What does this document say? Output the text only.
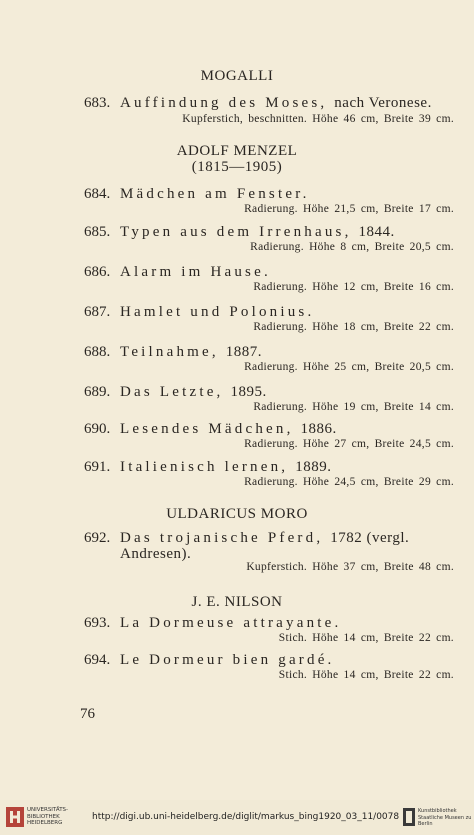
MOGALLI
683. Auffindung des Moses, nach Veronese.
Kupferstich, beschnitten. Höhe 46 cm, Breite 39 cm.
ADOLF MENZEL
(1815—1905)
684. Mädchen am Fenster.
Radierung. Höhe 21,5 cm, Breite 17 cm.
685. Typen aus dem Irrenhaus, 1844.
Radierung. Höhe 8 cm, Breite 20,5 cm.
686. Alarm im Hause.
Radierung. Höhe 12 cm, Breite 16 cm.
687. Hamlet und Polonius.
Radierung. Höhe 18 cm, Breite 22 cm.
688. Teilnahme, 1887.
Radierung. Höhe 25 cm, Breite 20,5 cm.
689. Das Letzte, 1895.
Radierung. Höhe 19 cm, Breite 14 cm.
690. Lesendes Mädchen, 1886.
Radierung. Höhe 27 cm, Breite 24,5 cm.
691. Italienisch lernen, 1889.
Radierung. Höhe 24,5 cm, Breite 29 cm.
ULDARICUS MORO
692. Das trojanische Pferd, 1782 (vergl.
Andresen).
Kupferstich. Höhe 37 cm, Breite 48 cm.
J. E. NILSON
693. La Dormeuse attrayante.
Stich. Höhe 14 cm, Breite 22 cm.
694. Le Dormeur bien gardé.
Stich. Höhe 14 cm, Breite 22 cm.
76
UNIVERSITÄTS-
BIBLIOTHEK
HEIDELBERG
http://digi.ub.uni-heidelberg.de/diglit/markus_bing1920_03_11/0078
Kunstbibliothek
Staatliche Museen zu Berlin
